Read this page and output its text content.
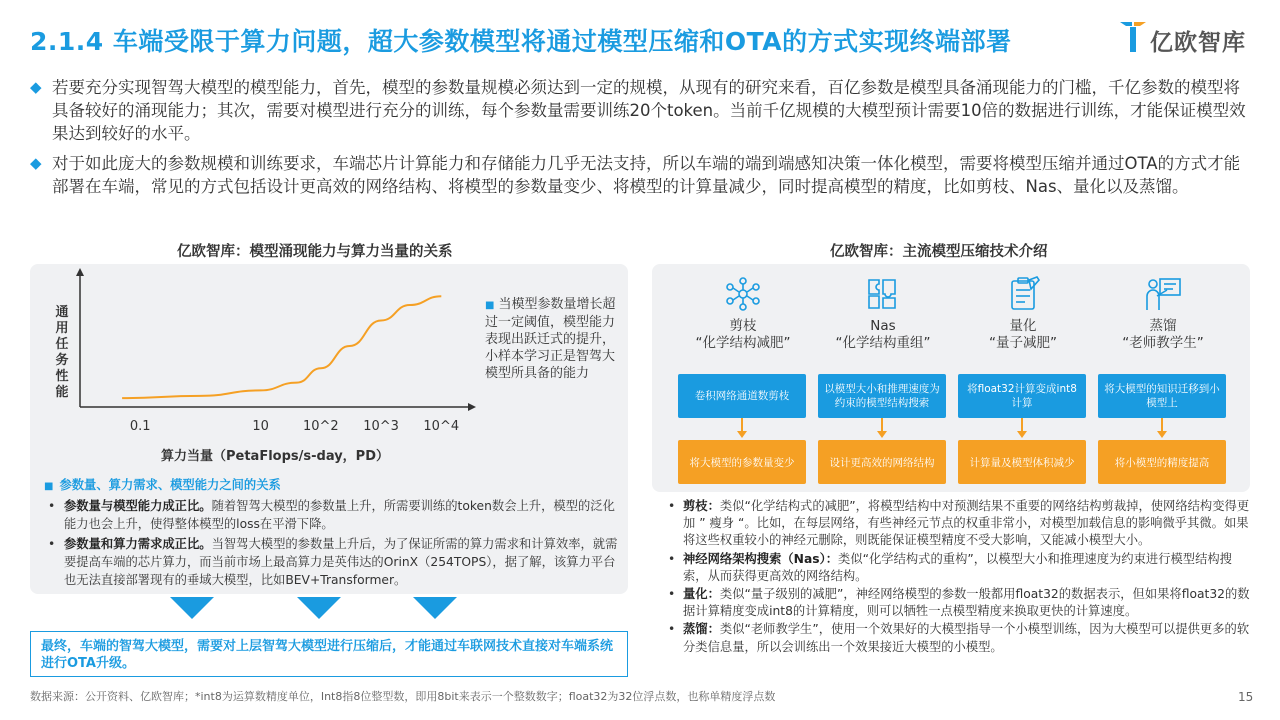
2.1.4 车端受限于算力问题，超大参数模型将通过模型压缩和OTA的方式实现终端部署	亿欧智库
◆ 若要充分实现智驾大模型的模型能力，首先，模型的参数量规模必须达到一定的规模，从现有的研究来看，百亿参数是模型具备涌现能力的门槛，千亿参数的模型将具备较好的涌现能力；其次，需要对模型进行充分的训练，每个参数量需要训练20个token。当前千亿规模的大模型预计需要10倍的数据进行训练，才能保证模型效果达到较好的水平。
◆ 对于如此庞大的参数规模和训练要求，车端芯片计算能力和存储能力几乎无法支持，所以车端的端到端感知决策一体化模型，需要将模型压缩并通过OTA的方式才能部署在车端，常见的方式包括设计更高效的网络结构、将模型的参数量变少、将模型的计算量减少，同时提高模型的精度，比如剪枝、Nas、量化以及蒸馏。
亿欧智库：模型涌现能力与算力当量的关系	亿欧智库：主流模型压缩技术介绍
通
用
任
务
性
能
0.1	10	10^2 10^3 10^4
算力当量（PetaFlops/s-day，PD）
■ 当模型参数量增长超过一定阈值，模型能力表现出跃迁式的提升，小样本学习正是智驾大模型所具备的能力
■ 参数量、算力需求、模型能力之间的关系
• 参数量与模型能力成正比。随着智驾大模型的参数量上升，所需要训练的token数会上升，模型的泛化能力也会上升，使得整体模型的loss在平滑下降。
• 参数量和算力需求成正比。当智驾大模型的参数量上升后，为了保证所需的算力需求和计算效率，就需要提高车端的芯片算力，而当前市场上最高算力是英伟达的OrinX（254TOPS），据了解，该算力平台也无法直接部署现有的垂域大模型，比如BEV+Transformer。
最终，车端的智驾大模型，需要对上层智驾大模型进行压缩后，才能通过车联网技术直接对车端系统进行OTA升级。
剪枝
“化学结构减肥”
Nas
“化学结构重组”
量化
“量子减肥”
蒸馏
“老师教学生”
卷积网络通道数剪枝
以模型大小和推理速度为约束的模型结构搜索
将float32计算变成int8计算
将大模型的知识迁移到小模型上
将大模型的参数量变少	设计更高效的网络结构	计算量及模型体积减少	将小模型的精度提高
• 剪枝：类似“化学结构式的减肥”，将模型结构中对预测结果不重要的网络结构剪裁掉，使网络结构变得更加 ” 瘦身 “。比如，在每层网络，有些神经元节点的权重非常小，对模型加载信息的影响微乎其微。如果将这些权重较小的神经元删除，则既能保证模型精度不受大影响，又能减小模型大小。
• 神经网络架构搜索（Nas）：类似“化学结构式的重构”，以模型大小和推理速度为约束进行模型结构搜索，从而获得更高效的网络结构。
• 量化：类似“量子级别的减肥”，神经网络模型的参数一般都用float32的数据表示，但如果将float32的数据计算精度变成int8的计算精度，则可以牺牲一点模型精度来换取更快的计算速度。
• 蒸馏：类似“老师教学生”，使用一个效果好的大模型指导一个小模型训练，因为大模型可以提供更多的软分类信息量，所以会训练出一个效果接近大模型的小模型。
数据来源：公开资料、亿欧智库；*int8为运算数精度单位，Int8指8位整型数，即用8bit来表示一个整数数字；float32为32位浮点数，也称单精度浮点数	15
